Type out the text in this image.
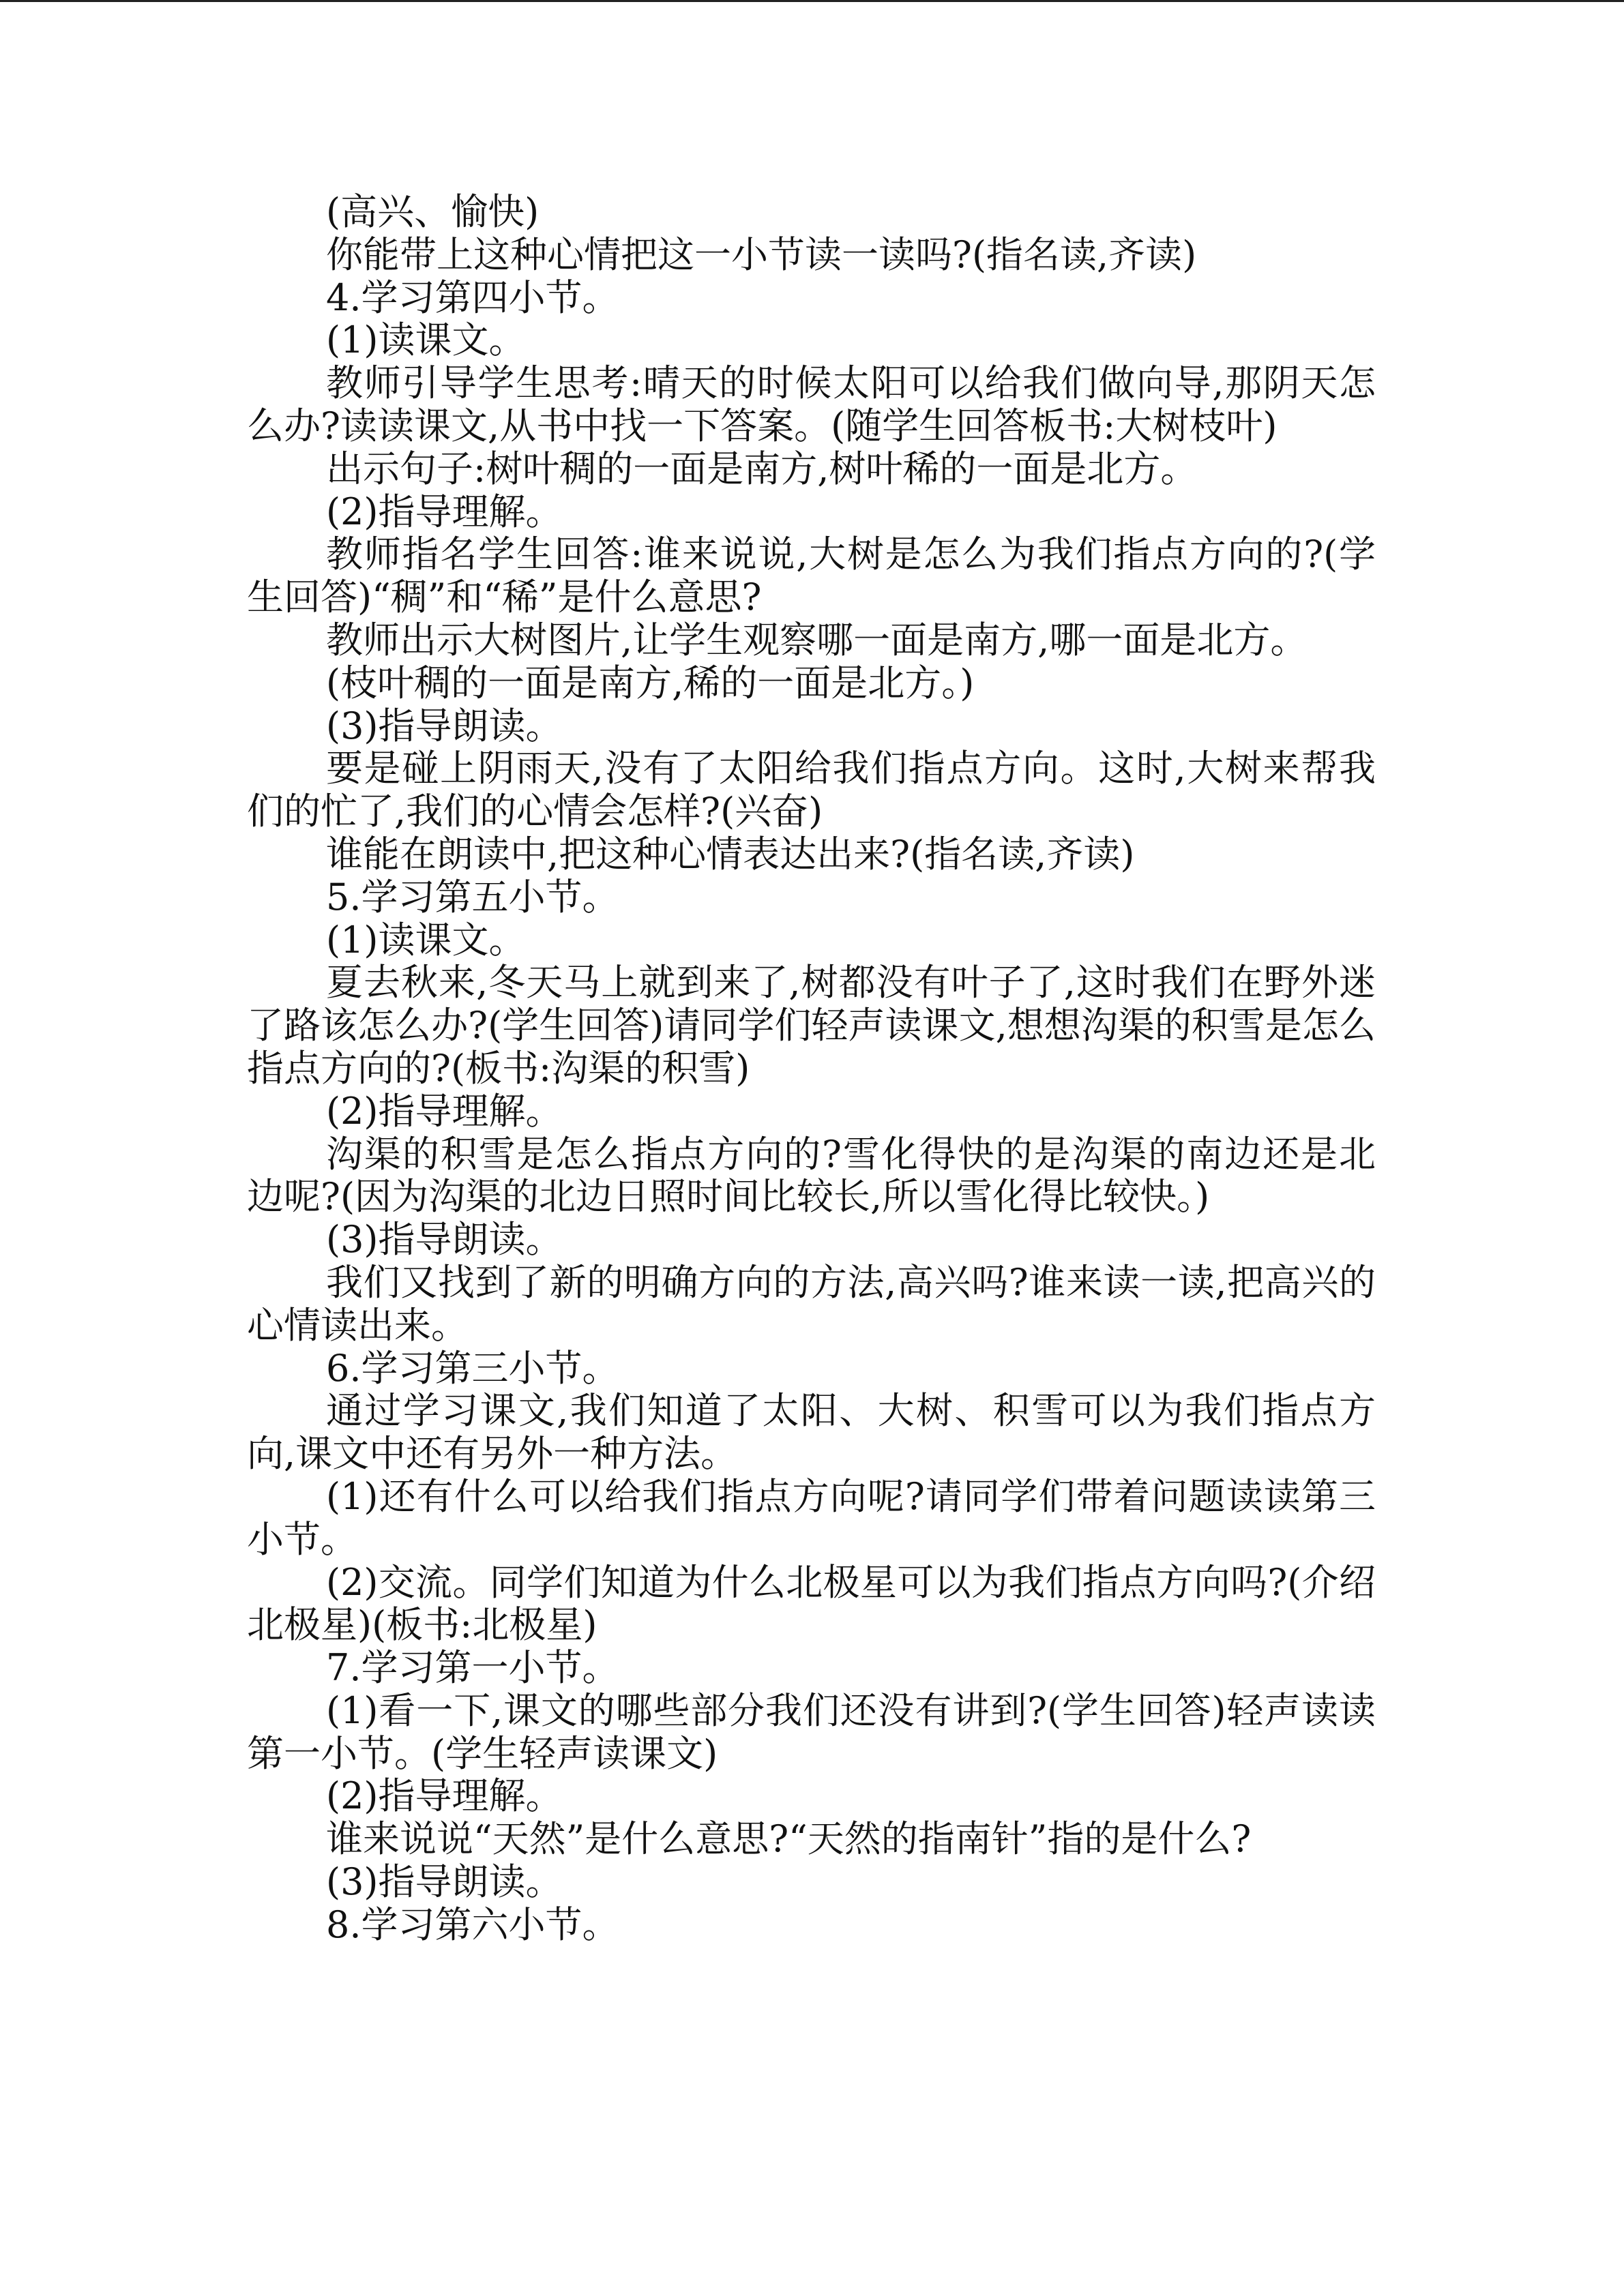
(高兴、愉快)

你能带上这种心情把这一小节读一读吗?(指名读,齐读)

4.学习第四小节。

(1)读课文。

教师引导学生思考:晴天的时候太阳可以给我们做向导,那阴天怎么办?读读课文,从书中找一下答案。(随学生回答板书:大树枝叶)

出示句子:树叶稠的一面是南方,树叶稀的一面是北方。

(2)指导理解。

教师指名学生回答:谁来说说,大树是怎么为我们指点方向的?(学生回答)“稠”和“稀”是什么意思?

教师出示大树图片,让学生观察哪一面是南方,哪一面是北方。

(枝叶稠的一面是南方,稀的一面是北方。)

(3)指导朗读。

要是碰上阴雨天,没有了太阳给我们指点方向。这时,大树来帮我们的忙了,我们的心情会怎样?(兴奋)

谁能在朗读中,把这种心情表达出来?(指名读,齐读)

5.学习第五小节。

(1)读课文。

夏去秋来,冬天马上就到来了,树都没有叶子了,这时我们在野外迷了路该怎么办?(学生回答)请同学们轻声读课文,想想沟渠的积雪是怎么指点方向的?(板书:沟渠的积雪)

(2)指导理解。

沟渠的积雪是怎么指点方向的?雪化得快的是沟渠的南边还是北边呢?(因为沟渠的北边日照时间比较长,所以雪化得比较快。)

(3)指导朗读。

我们又找到了新的明确方向的方法,高兴吗?谁来读一读,把高兴的心情读出来。

6.学习第三小节。

通过学习课文,我们知道了太阳、大树、积雪可以为我们指点方向,课文中还有另外一种方法。

(1)还有什么可以给我们指点方向呢?请同学们带着问题读读第三小节。

(2)交流。同学们知道为什么北极星可以为我们指点方向吗?(介绍北极星)(板书:北极星)

7.学习第一小节。

(1)看一下,课文的哪些部分我们还没有讲到?(学生回答)轻声读读第一小节。(学生轻声读课文)

(2)指导理解。

谁来说说“天然”是什么意思?“天然的指南针”指的是什么?

(3)指导朗读。

8.学习第六小节。
